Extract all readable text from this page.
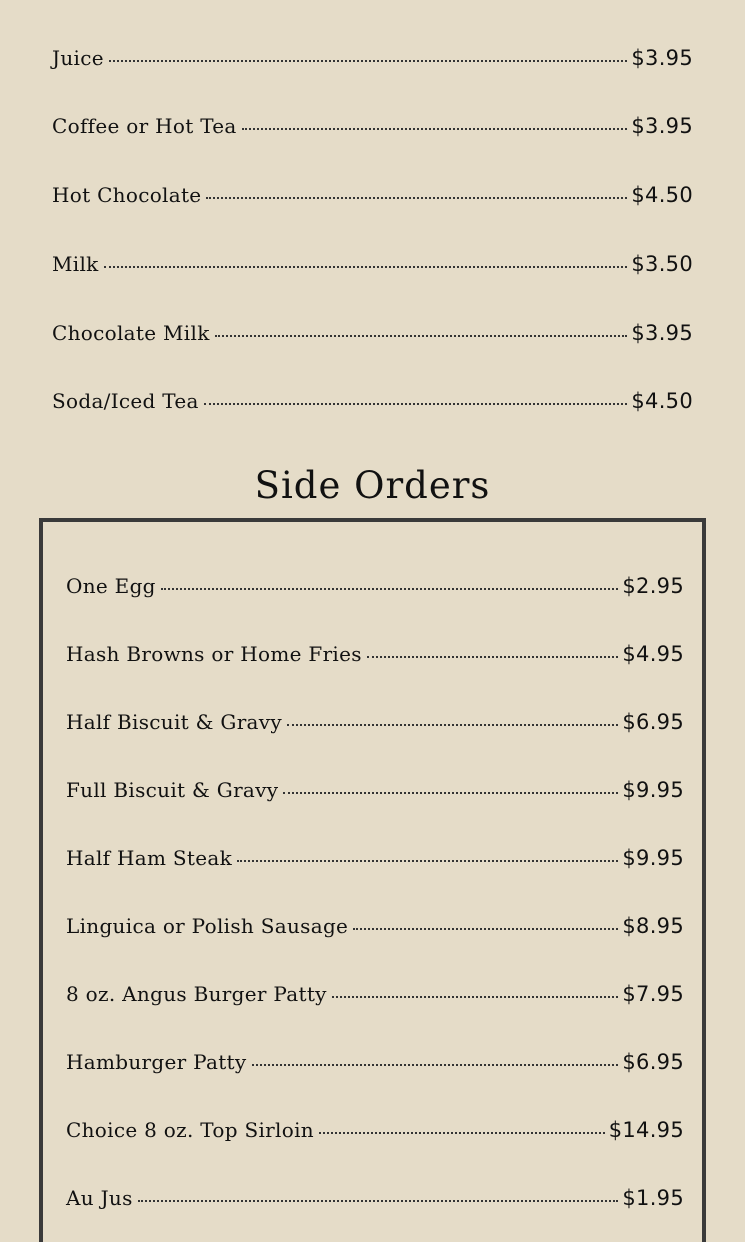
Juice	$3.95
Coffee or Hot Tea	$3.95
Hot Chocolate	$4.50
Milk	$3.50
Chocolate Milk	$3.95
Soda/Iced Tea	$4.50
Side Orders
One Egg	$2.95
Hash Browns or Home Fries	$4.95
Half Biscuit & Gravy	$6.95
Full Biscuit & Gravy	$9.95
Half Ham Steak	$9.95
Linguica or Polish Sausage	$8.95
8 oz. Angus Burger Patty	$7.95
Hamburger Patty	$6.95
Choice 8 oz. Top Sirloin	$14.95
Au Jus	$1.95
